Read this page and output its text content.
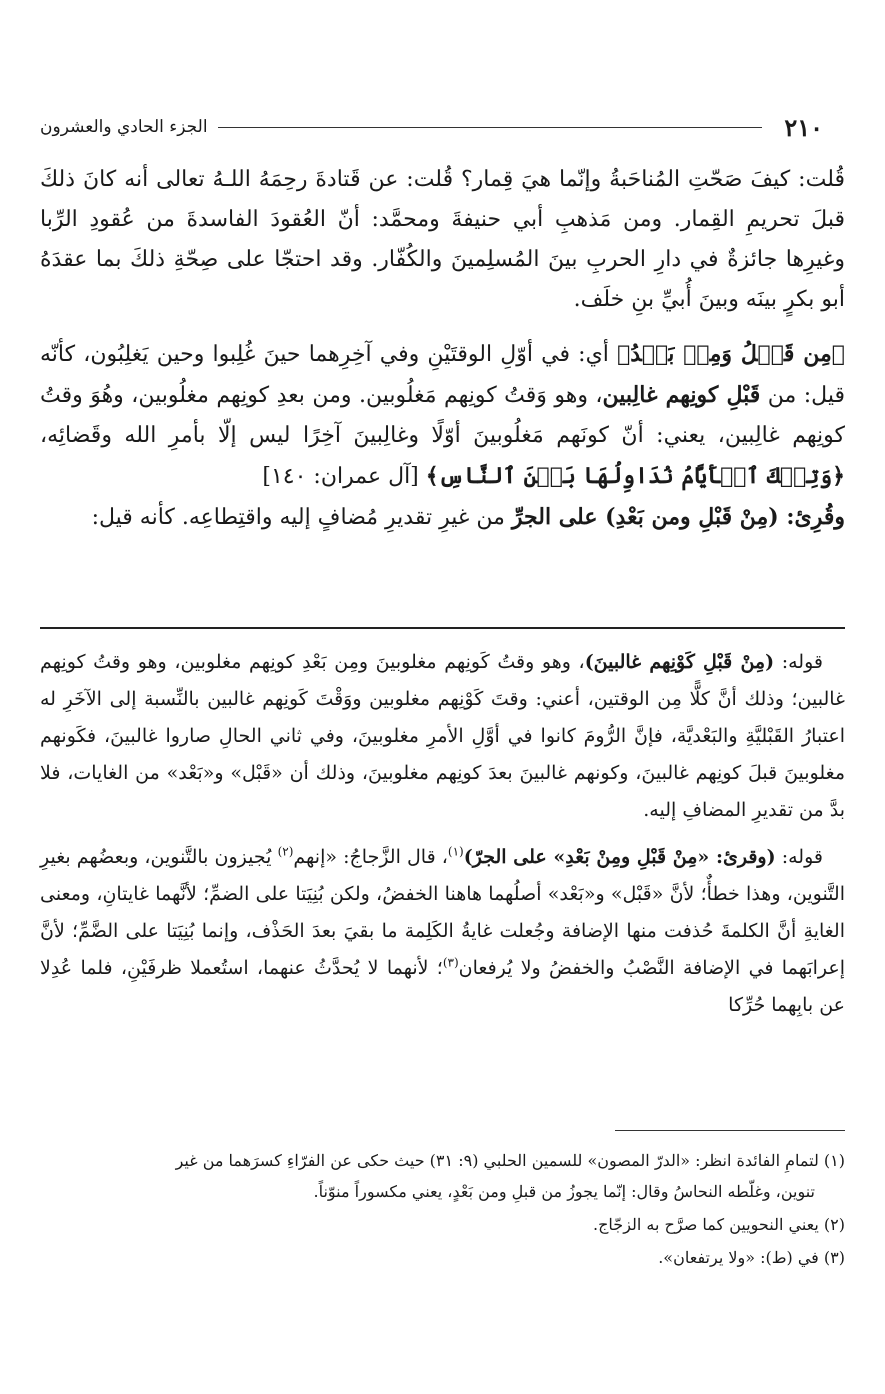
٢١٠
الجزء الحادي والعشرون

قُلت: كيفَ صَحّتِ المُناحَبةُ وإنّما هيَ قِمار؟ قُلت: عن قَتادةَ رحِمَهُ اللـهُ تعالى أنه كانَ ذلكَ قبلَ تحريمِ القِمار. ومن مَذهبِ أبي حنيفةَ ومحمَّد: أنّ العُقودَ الفاسدةَ من عُقودِ الرِّبا وغيرِها جائزةٌ في دارِ الحربِ بينَ المُسلِمينَ والكُفّار. وقد احتجّا على صِحّةِ ذلكَ بما عقدَهُ أبو بكرٍ بينَه وبينَ أُبيِّ بنِ خلَف.

﴿مِن قَبۡلُ وَمِنۢ بَعۡدُ﴾ أي: في أوّلِ الوقتَيْنِ وفي آخِرِهما حينَ غُلِبوا وحين يَغلِبُون، كأنّه قيل: من قَبْلِ كونِهم غالِبين، وهو وَقتُ كونِهم مَغلُوبين. ومن بعدِ كونِهم مغلُوبين، وهُوَ وقتُ كونِهم غالِبين، يعني: أنّ كونَهم مَغلُوبينَ أوّلًا وغالِبينَ آخِرًا ليس إلّا بأمرِ الله وقَضائِه، ﴿وَتِلۡكَ ٱلۡأَيَّامُ نُدَاوِلُهَا بَيۡنَ ٱلنَّاسِ﴾ [آل عمران: ١٤٠]

وقُرِئ: (مِنْ قَبْلِ ومن بَعْدِ) على الجرِّ من غيرِ تقديرِ مُضافٍ إليه واقتِطاعِه. كأنه قيل:

قوله: (مِنْ قَبْلِ كَوْنِهم غالبينَ)، وهو وقتُ كَونِهم مغلوبينَ ومِن بَعْدِ كونِهم مغلوبين، وهو وقتُ كونِهم غالبين؛ وذلك أنَّ كلًّا مِن الوقتين، أعني: وقتَ كَوْنِهم مغلوبين ووَقْتَ كَونِهم غالبين بالنِّسبة إلى الآخَرِ له اعتبارُ القَبْليَّةِ والبَعْديَّة، فإنَّ الرُّومَ كانوا في أوَّلِ الأمرِ مغلوبينَ، وفي ثاني الحالِ صاروا غالبينَ، فكَونهم مغلوبينَ قبلَ كونِهم غالبينَ، وكونهم غالبينَ بعدَ كونِهم مغلوبينَ، وذلك أن «قَبْل» و«بَعْد» من الغايات، فلا بدَّ من تقديرِ المضافِ إليه.

قوله: (وقرئ: «مِنْ قَبْلِ ومِنْ بَعْدِ» على الجرّ)$^{(١)}$، قال الزَّجاجُ: «إنهم$^{(٢)}$ يُجيزون بالتَّنوين، وبعضُهم بغيرِ التَّنوين، وهذا خطأٌ؛ لأنَّ «قَبْل» و«بَعْد» أصلُهما هاهنا الخفضُ، ولكن بُنِيَتا على الضمِّ؛ لأنَّهما غايتانِ، ومعنى الغايةِ أنَّ الكلمةَ حُذفت منها الإضافة وجُعلت غايةُ الكَلِمة ما بقيَ بعدَ الحَذْف، وإنما بُنِيَتا على الضَّمِّ؛ لأنَّ إعرابَهما في الإضافة النَّصْبُ والخفضُ ولا يُرفعان$^{(٣)}$؛ لأنهما لا يُحدَّثُ عنهما، استُعملا ظرفَيْنِ، فلما عُدِلا عن بابِهما حُرِّكا

(١) لتمامِ الفائدة انظر: «الدرّ المصون» للسمين الحلبي (٩: ٣١) حيث حكى عن الفرّاءِ كسرَهما من غير
تنوين، وغلّطه النحاسُ وقال: إنّما يجوزُ من قبلِ ومن بَعْدٍ، يعني مكسوراً منوّناً.
(٢) يعني النحويين كما صرَّح به الزجّاج.
(٣) في (ط): «ولا يرتفعان».
